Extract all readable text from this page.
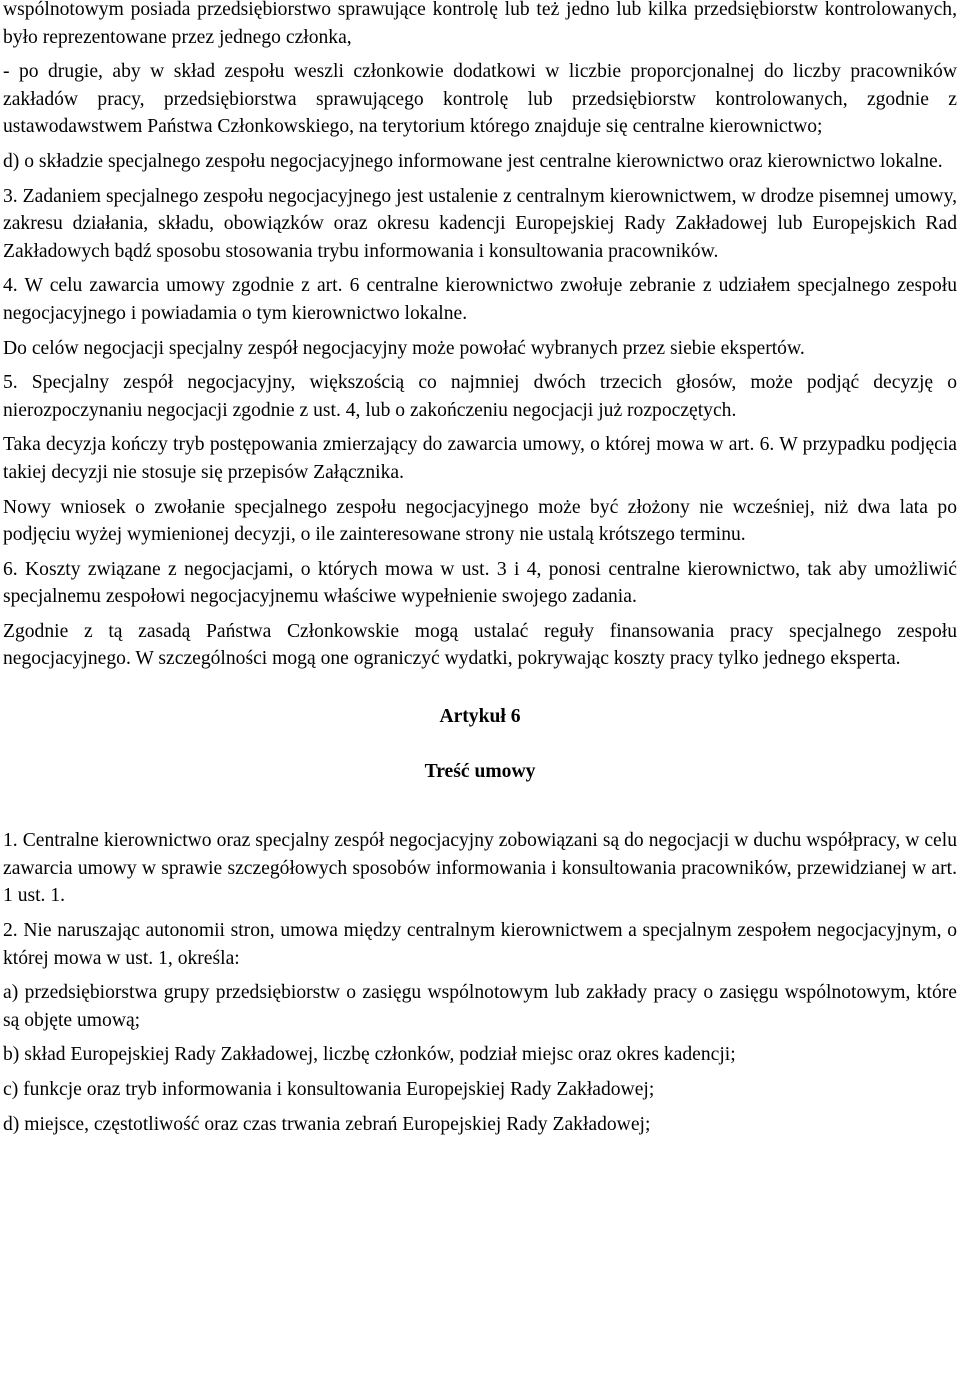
wspólnotowym posiada przedsiębiorstwo sprawujące kontrolę lub też jedno lub kilka przedsiębiorstw kontrolowanych, było reprezentowane przez jednego członka,

- po drugie, aby w skład zespołu weszli członkowie dodatkowi w liczbie proporcjonalnej do liczby pracowników zakładów pracy, przedsiębiorstwa sprawującego kontrolę lub przedsiębiorstw kontrolowanych, zgodnie z ustawodawstwem Państwa Członkowskiego, na terytorium którego znajduje się centralne kierownictwo;

d) o składzie specjalnego zespołu negocjacyjnego informowane jest centralne kierownictwo oraz kierownictwo lokalne.

3. Zadaniem specjalnego zespołu negocjacyjnego jest ustalenie z centralnym kierownictwem, w drodze pisemnej umowy, zakresu działania, składu, obowiązków oraz okresu kadencji Europejskiej Rady Zakładowej lub Europejskich Rad Zakładowych bądź sposobu stosowania trybu informowania i konsultowania pracowników.

4. W celu zawarcia umowy zgodnie z art. 6 centralne kierownictwo zwołuje zebranie z udziałem specjalnego zespołu negocjacyjnego i powiadamia o tym kierownictwo lokalne.

Do celów negocjacji specjalny zespół negocjacyjny może powołać wybranych przez siebie ekspertów.

5. Specjalny zespół negocjacyjny, większością co najmniej dwóch trzecich głosów, może podjąć decyzję o nierozpoczynaniu negocjacji zgodnie z ust. 4, lub o zakończeniu negocjacji już rozpoczętych.

Taka decyzja kończy tryb postępowania zmierzający do zawarcia umowy, o której mowa w art. 6. W przypadku podjęcia takiej decyzji nie stosuje się przepisów Załącznika.

Nowy wniosek o zwołanie specjalnego zespołu negocjacyjnego może być złożony nie wcześniej, niż dwa lata po podjęciu wyżej wymienionej decyzji, o ile zainteresowane strony nie ustalą krótszego terminu.

6. Koszty związane z negocjacjami, o których mowa w ust. 3 i 4, ponosi centralne kierownictwo, tak aby umożliwić specjalnemu zespołowi negocjacyjnemu właściwe wypełnienie swojego zadania.

Zgodnie z tą zasadą Państwa Członkowskie mogą ustalać reguły finansowania pracy specjalnego zespołu negocjacyjnego. W szczególności mogą one ograniczyć wydatki, pokrywając koszty pracy tylko jednego eksperta.

Artykuł 6

Treść umowy

1. Centralne kierownictwo oraz specjalny zespół negocjacyjny zobowiązani są do negocjacji w duchu współpracy, w celu zawarcia umowy w sprawie szczegółowych sposobów informowania i konsultowania pracowników, przewidzianej w art. 1 ust. 1.

2. Nie naruszając autonomii stron, umowa między centralnym kierownictwem a specjalnym zespołem negocjacyjnym, o której mowa w ust. 1, określa:

a) przedsiębiorstwa grupy przedsiębiorstw o zasięgu wspólnotowym lub zakłady pracy o zasięgu wspólnotowym, które są objęte umową;

b) skład Europejskiej Rady Zakładowej, liczbę członków, podział miejsc oraz okres kadencji;

c) funkcje oraz tryb informowania i konsultowania Europejskiej Rady Zakładowej;

d) miejsce, częstotliwość oraz czas trwania zebrań Europejskiej Rady Zakładowej;
